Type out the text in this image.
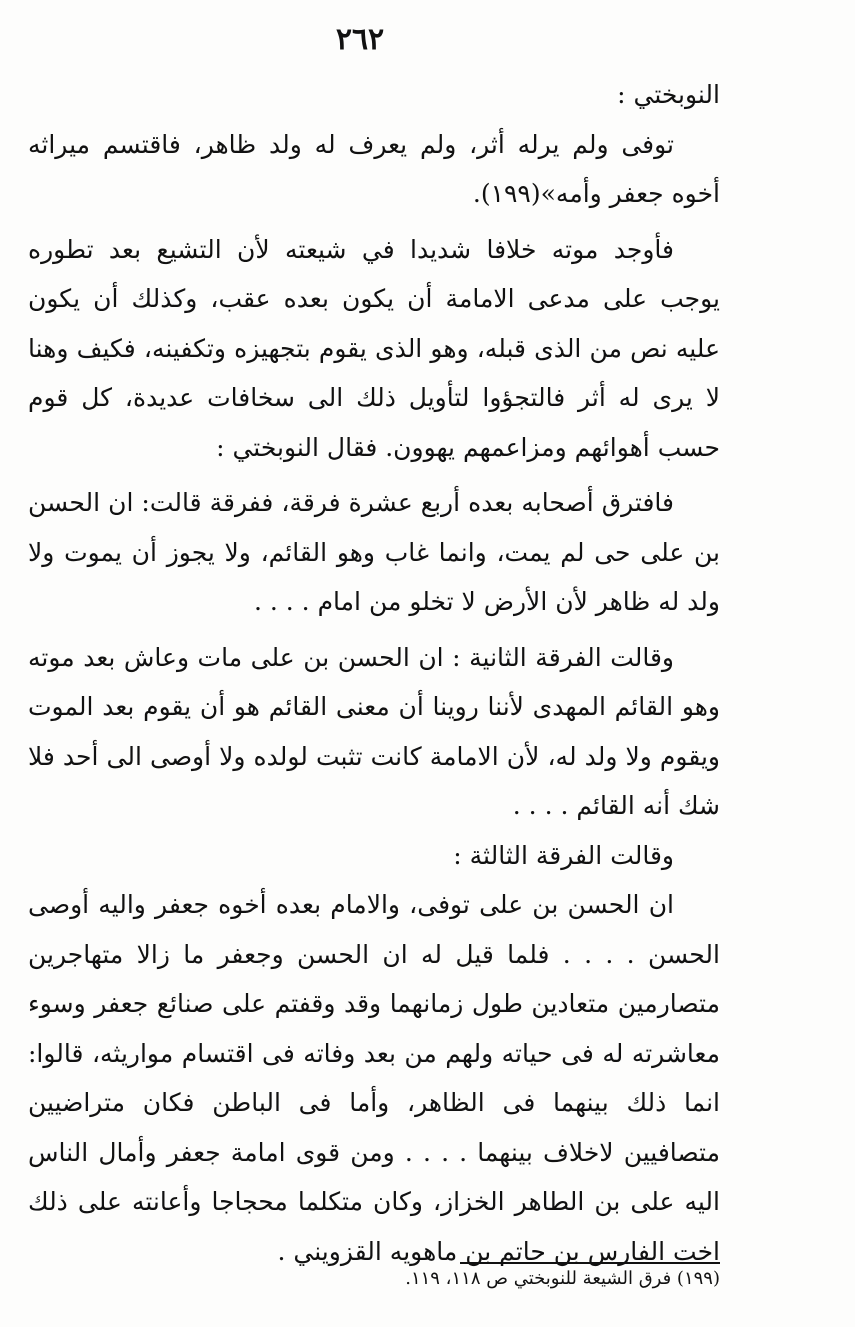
٢٦٢

النوبختي :

توفى ولم يرله أثر، ولم يعرف له ولد ظاهر، فاقتسم ميراثه أخوه جعفر وأمه»(١٩٩).

فأوجد موته خلافا شديدا في شيعته لأن التشيع بعد تطوره يوجب على مدعى الامامة أن يكون بعده عقب، وكذلك أن يكون عليه نص من الذى قبله، وهو الذى يقوم بتجهيزه وتكفينه، فكيف وهنا لا يرى له أثر فالتجؤوا لتأويل ذلك الى سخافات عديدة، كل قوم حسب أهوائهم ومزاعمهم يهوون. فقال النوبختي :

فافترق أصحابه بعده أربع عشرة فرقة، ففرقة قالت: ان الحسن بن على حى لم يمت، وانما غاب وهو القائم، ولا يجوز أن يموت ولا ولد له ظاهر لأن الأرض لا تخلو من امام . . . .

وقالت الفرقة الثانية : ان الحسن بن على مات وعاش بعد موته وهو القائم المهدى لأننا روينا أن معنى القائم هو أن يقوم بعد الموت ويقوم ولا ولد له، لأن الامامة كانت تثبت لولده ولا أوصى الى أحد فلا شك أنه القائم . . . .

وقالت الفرقة الثالثة :

ان الحسن بن على توفى، والامام بعده أخوه جعفر واليه أوصى الحسن . . . . فلما قيل له ان الحسن وجعفر ما زالا متهاجرين متصارمين متعادين طول زمانهما وقد وقفتم على صنائع جعفر وسوء معاشرته له فى حياته ولهم من بعد وفاته فى اقتسام مواريثه، قالوا: انما ذلك بينهما فى الظاهر، وأما فى الباطن فكان متراضيين متصافيين لاخلاف بينهما . . . . ومن قوى امامة جعفر وأمال الناس اليه على بن الطاهر الخزاز، وكان متكلما محجاجا وأعانته على ذلك اخت الفارس بن حاتم بن ماهويه القزويني .

(١٩٩) فرق الشيعة للنوبختي ص ١١٨، ١١٩.
